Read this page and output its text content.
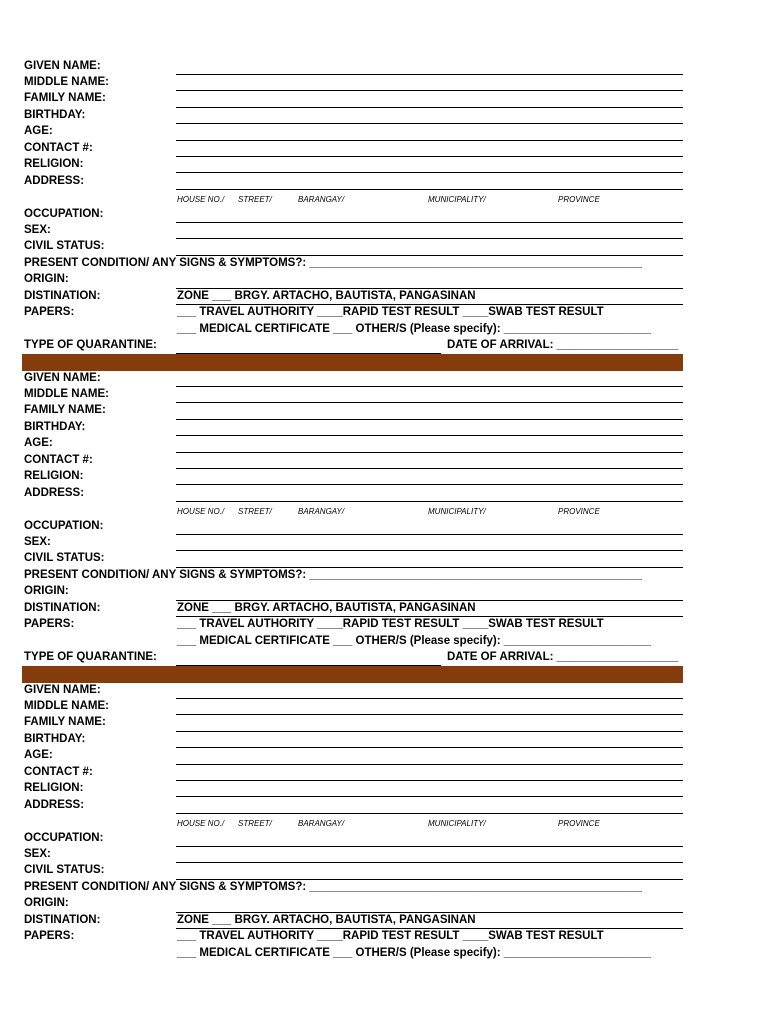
GIVEN NAME:
MIDDLE NAME:
FAMILY NAME:
BIRTHDAY:
AGE:
CONTACT #:
RELIGION:
ADDRESS:
HOUSE NO./ STREET/	BARANGAY/	MUNICIPALITY/	PROVINCE
OCCUPATION:
SEX:
CIVIL STATUS:
PRESENT CONDITION/ ANY SIGNS & SYMPTOMS?: ____________________________________________________
ORIGIN:
DISTINATION:	ZONE ___ BRGY. ARTACHO, BAUTISTA, PANGASINAN
PAPERS:	___ TRAVEL AUTHORITY ____RAPID TEST RESULT ____SWAB TEST RESULT
___ MEDICAL CERTIFICATE ___ OTHER/S (Please specify): _______________________
TYPE OF QUARANTINE:	DATE OF ARRIVAL: ___________________
GIVEN NAME:
MIDDLE NAME:
FAMILY NAME:
BIRTHDAY:
AGE:
CONTACT #:
RELIGION:
ADDRESS:
HOUSE NO./ STREET/	BARANGAY/	MUNICIPALITY/	PROVINCE
OCCUPATION:
SEX:
CIVIL STATUS:
PRESENT CONDITION/ ANY SIGNS & SYMPTOMS?: ____________________________________________________
ORIGIN:
DISTINATION:	ZONE ___ BRGY. ARTACHO, BAUTISTA, PANGASINAN
PAPERS:	___ TRAVEL AUTHORITY ____RAPID TEST RESULT ____SWAB TEST RESULT
___ MEDICAL CERTIFICATE ___ OTHER/S (Please specify): _______________________
TYPE OF QUARANTINE:	DATE OF ARRIVAL: ___________________
GIVEN NAME:
MIDDLE NAME:
FAMILY NAME:
BIRTHDAY:
AGE:
CONTACT #:
RELIGION:
ADDRESS:
HOUSE NO./ STREET/	BARANGAY/	MUNICIPALITY/	PROVINCE
OCCUPATION:
SEX:
CIVIL STATUS:
PRESENT CONDITION/ ANY SIGNS & SYMPTOMS?: ____________________________________________________
ORIGIN:
DISTINATION:	ZONE ___ BRGY. ARTACHO, BAUTISTA, PANGASINAN
PAPERS:	___ TRAVEL AUTHORITY ____RAPID TEST RESULT ____SWAB TEST RESULT
___ MEDICAL CERTIFICATE ___ OTHER/S (Please specify): _______________________
